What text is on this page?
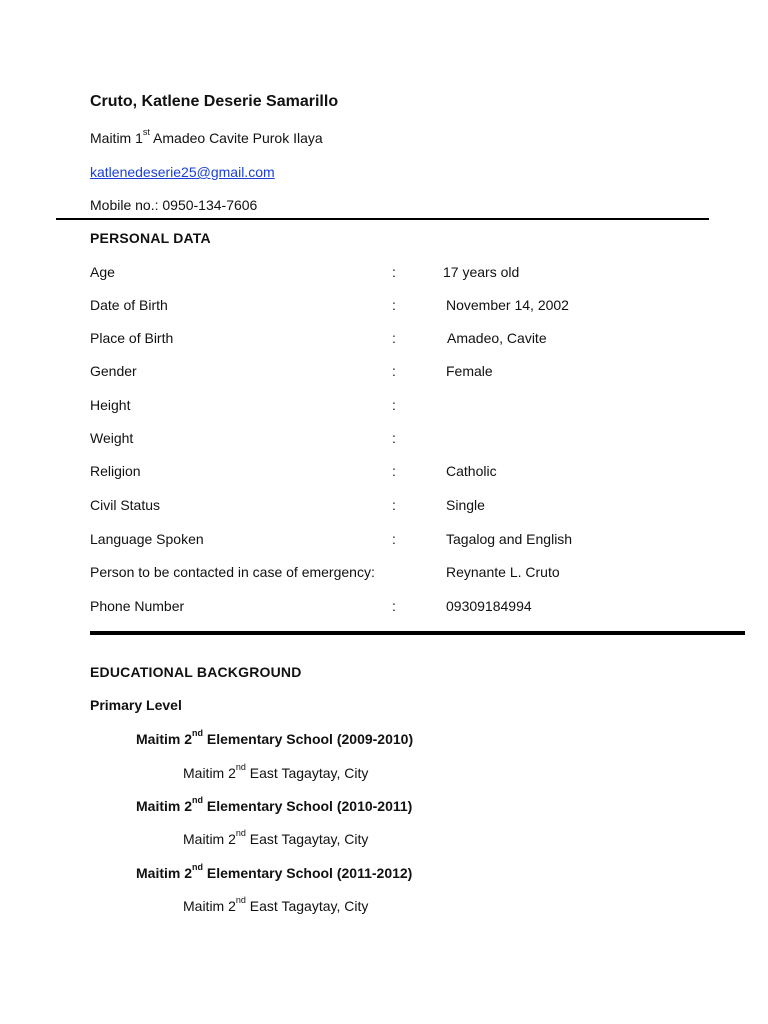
Cruto, Katlene Deserie Samarillo
Maitim 1st Amadeo Cavite Purok Ilaya
katlenedeserie25@gmail.com
Mobile no.: 0950-134-7606
PERSONAL DATA
Age	:	17 years old
Date of Birth	:	November 14, 2002
Place of Birth	:	Amadeo, Cavite
Gender	:	Female
Height	:
Weight	:
Religion	:	Catholic
Civil Status	:	Single
Language Spoken	:	Tagalog and English
Person to be contacted in case of emergency:	Reynante L. Cruto
Phone Number	:	09309184994
EDUCATIONAL BACKGROUND
Primary Level
Maitim 2nd Elementary School (2009-2010)
Maitim 2nd East Tagaytay, City
Maitim 2nd Elementary School (2010-2011)
Maitim 2nd East Tagaytay, City
Maitim 2nd Elementary School (2011-2012)
Maitim 2nd East Tagaytay, City
